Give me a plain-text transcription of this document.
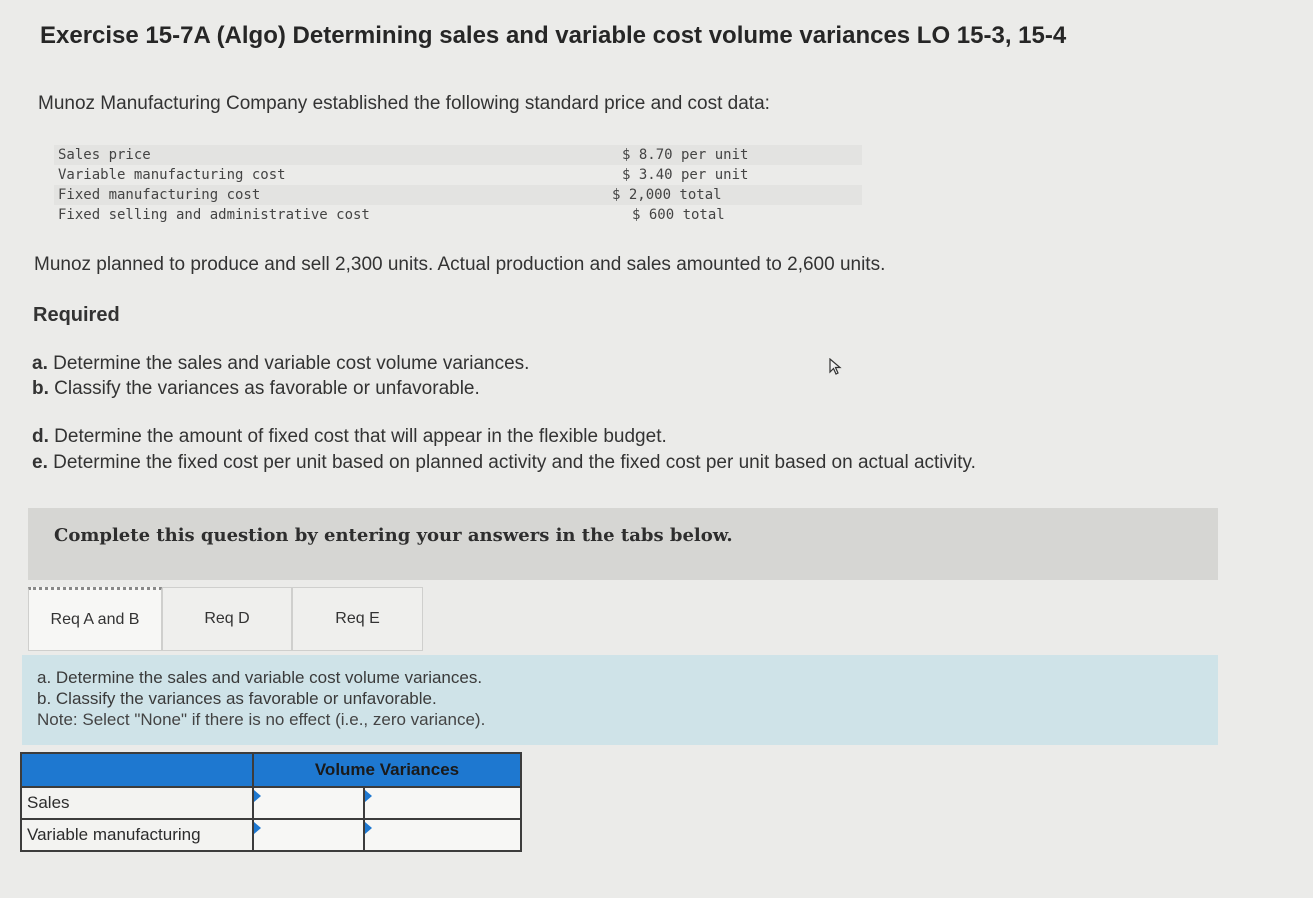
Exercise 15-7A (Algo) Determining sales and variable cost volume variances LO 15-3, 15-4
Munoz Manufacturing Company established the following standard price and cost data:
Sales price	$ 8.70 per unit
Variable manufacturing cost	$ 3.40 per unit
Fixed manufacturing cost	$ 2,000 total
Fixed selling and administrative cost	$ 600 total
Munoz planned to produce and sell 2,300 units. Actual production and sales amounted to 2,600 units.
Required
a. Determine the sales and variable cost volume variances.
b. Classify the variances as favorable or unfavorable.
d. Determine the amount of fixed cost that will appear in the flexible budget.
e. Determine the fixed cost per unit based on planned activity and the fixed cost per unit based on actual activity.
Complete this question by entering your answers in the tabs below.
Req A and B	Req D	Req E
a. Determine the sales and variable cost volume variances.
b. Classify the variances as favorable or unfavorable.
Note: Select "None" if there is no effect (i.e., zero variance).
	Volume Variances	
Sales	

Variable manufacturing	
